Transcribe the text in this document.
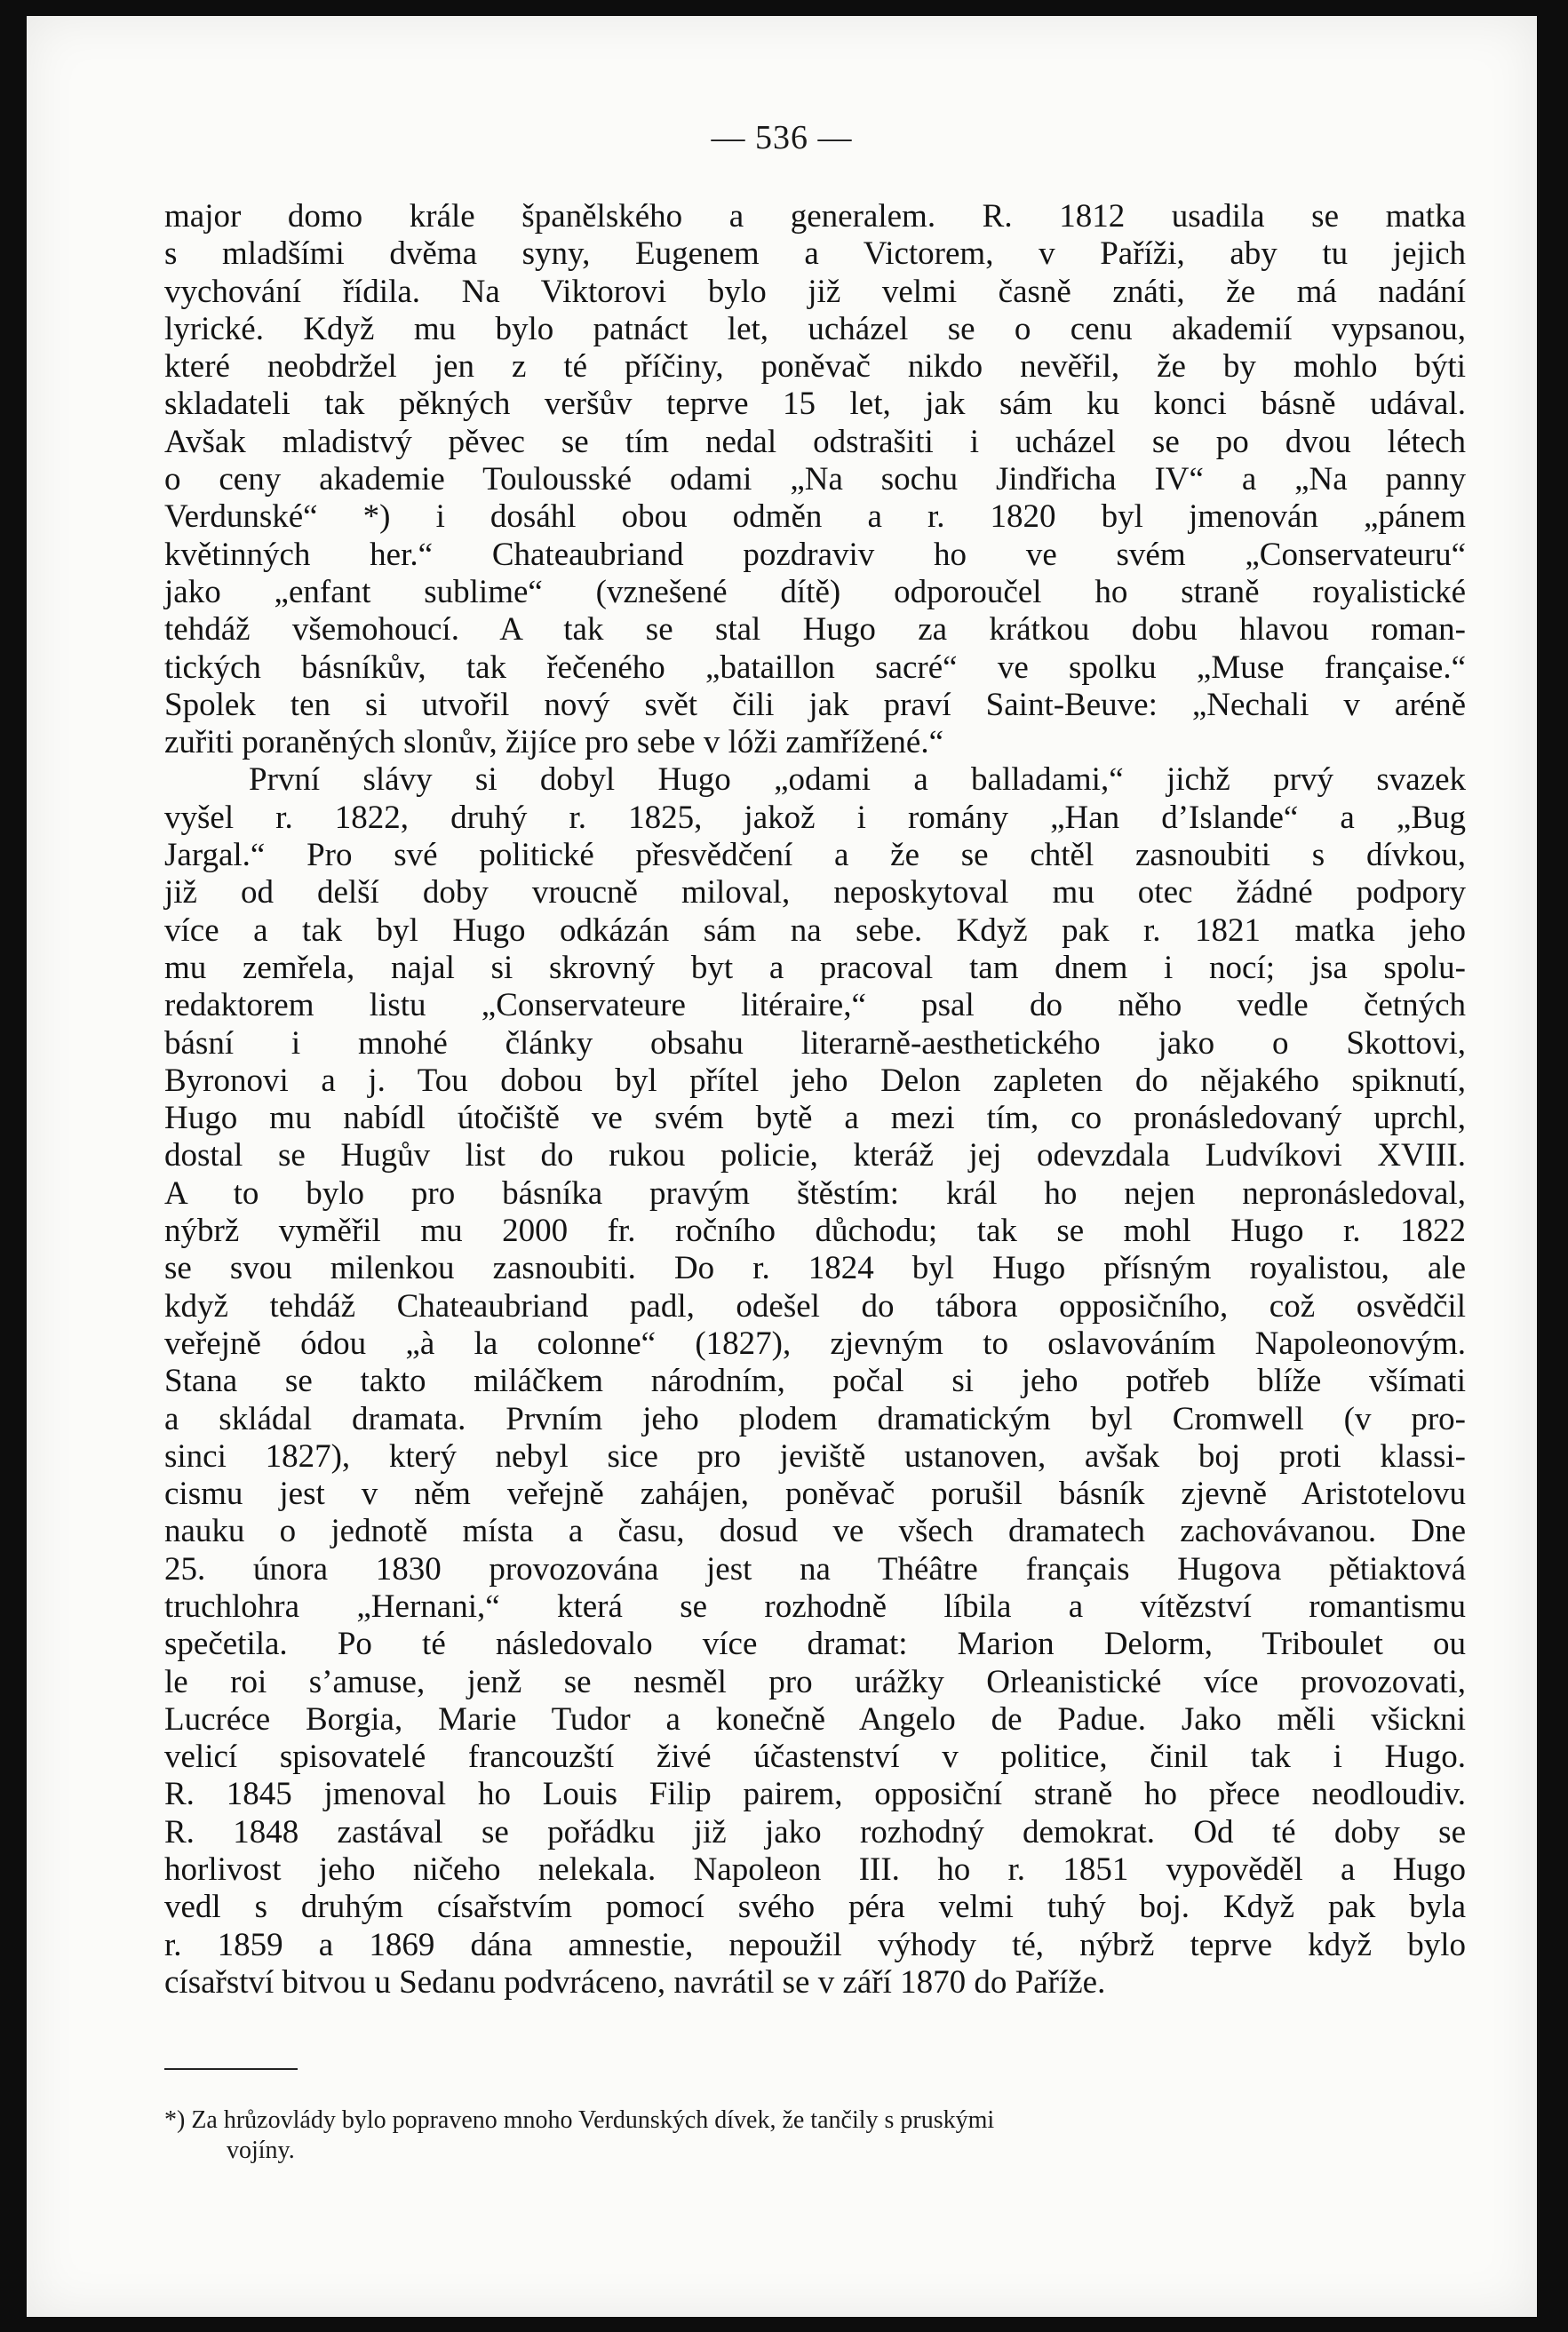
— 536 —
major domo krále španělského a generalem. R. 1812 usadila se matka
s mladšími dvěma syny, Eugenem a Victorem, v Paříži, aby tu jejich
vychování řídila. Na Viktorovi bylo již velmi časně znáti, že má nadání
lyrické. Když mu bylo patnáct let, ucházel se o cenu akademií vypsanou,
které neobdržel jen z té příčiny, poněvač nikdo nevěřil, že by mohlo býti
skladateli tak pěkných veršův teprve 15 let, jak sám ku konci básně udával.
Avšak mladistvý pěvec se tím nedal odstrašiti i ucházel se po dvou létech
o ceny akademie Toulousské odami „Na sochu Jindřicha IV“ a „Na panny
Verdunské“ *) i dosáhl obou odměn a r. 1820 byl jmenován „pánem
květinných her.“ Chateaubriand pozdraviv ho ve svém „Conservateuru“
jako „enfant sublime“ (vznešené dítě) odporoučel ho straně royalistické
tehdáž všemohoucí. A tak se stal Hugo za krátkou dobu hlavou roman-
tických básníkův, tak řečeného „bataillon sacré“ ve spolku „Muse française.“
Spolek ten si utvořil nový svět čili jak praví Saint-Beuve: „Nechali v aréně
zuřiti poraněných slonův, žijíce pro sebe v lóži zamřížené.“
První slávy si dobyl Hugo „odami a balladami,“ jichž prvý svazek
vyšel r. 1822, druhý r. 1825, jakož i romány „Han d’Islande“ a „Bug
Jargal.“ Pro své politické přesvědčení a že se chtěl zasnoubiti s dívkou,
již od delší doby vroucně miloval, neposkytoval mu otec žádné podpory
více a tak byl Hugo odkázán sám na sebe. Když pak r. 1821 matka jeho
mu zemřela, najal si skrovný byt a pracoval tam dnem i nocí; jsa spolu-
redaktorem listu „Conservateure litéraire,“ psal do něho vedle četných
básní i mnohé články obsahu literarně-aesthetického jako o Skottovi,
Byronovi a j. Tou dobou byl přítel jeho Delon zapleten do nějakého spiknutí,
Hugo mu nabídl útočiště ve svém bytě a mezi tím, co pronásledovaný uprchl,
dostal se Hugův list do rukou policie, kteráž jej odevzdala Ludvíkovi XVIII.
A to bylo pro básníka pravým štěstím: král ho nejen nepronásledoval,
nýbrž vyměřil mu 2000 fr. ročního důchodu; tak se mohl Hugo r. 1822
se svou milenkou zasnoubiti. Do r. 1824 byl Hugo přísným royalistou, ale
když tehdáž Chateaubriand padl, odešel do tábora opposičního, což osvědčil
veřejně ódou „à la colonne“ (1827), zjevným to oslavováním Napoleonovým.
Stana se takto miláčkem národním, počal si jeho potřeb blíže všímati
a skládal dramata. Prvním jeho plodem dramatickým byl Cromwell (v pro-
sinci 1827), který nebyl sice pro jeviště ustanoven, avšak boj proti klassi-
cismu jest v něm veřejně zahájen, poněvač porušil básník zjevně Aristotelovu
nauku o jednotě místa a času, dosud ve všech dramatech zachovávanou. Dne
25. února 1830 provozována jest na Théâtre français Hugova pětiaktová
truchlohra „Hernani,“ která se rozhodně líbila a vítězství romantismu
spečetila. Po té následovalo více dramat: Marion Delorm, Triboulet ou
le roi s’amuse, jenž se nesměl pro urážky Orleanistické více provozovati,
Lucréce Borgia, Marie Tudor a konečně Angelo de Padue. Jako měli všickni
velicí spisovatelé francouzští živé účastenství v politice, činil tak i Hugo.
R. 1845 jmenoval ho Louis Filip pairem, opposiční straně ho přece neodloudiv.
R. 1848 zastával se pořádku již jako rozhodný demokrat. Od té doby se
horlivost jeho ničeho nelekala. Napoleon III. ho r. 1851 vypověděl a Hugo
vedl s druhým císařstvím pomocí svého péra velmi tuhý boj. Když pak byla
r. 1859 a 1869 dána amnestie, nepoužil výhody té, nýbrž teprve když bylo
císařství bitvou u Sedanu podvráceno, navrátil se v září 1870 do Paříže.
*) Za hrůzovlády bylo popraveno mnoho Verdunských dívek, že tančily s pruskými
vojíny.
